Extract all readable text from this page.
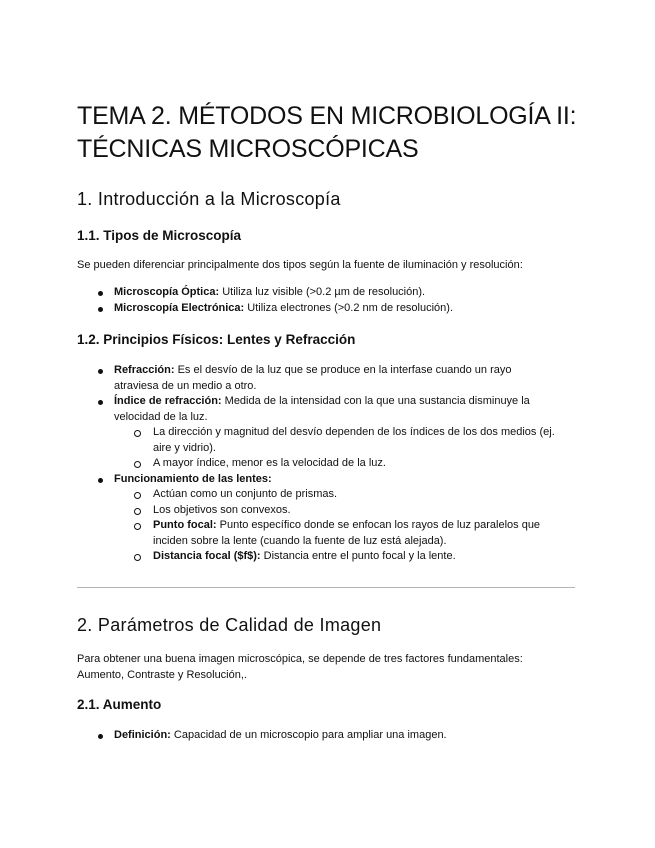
TEMA 2. MÉTODOS EN MICROBIOLOGÍA II: TÉCNICAS MICROSCÓPICAS
1. Introducción a la Microscopía
1.1. Tipos de Microscopía

Se pueden diferenciar principalmente dos tipos según la fuente de iluminación y resolución:

Microscopía Óptica: Utiliza luz visible (>0.2 µm de resolución).
Microscopía Electrónica: Utiliza electrones (>0.2 nm de resolución).
1.2. Principios Físicos: Lentes y Refracción
Refracción: Es el desvío de la luz que se produce en la interfase cuando un rayo atraviesa de un medio a otro.
Índice de refracción: Medida de la intensidad con la que una sustancia disminuye la velocidad de la luz.
La dirección y magnitud del desvío dependen de los índices de los dos medios (ej. aire y vidrio).
A mayor índice, menor es la velocidad de la luz.
Funcionamiento de las lentes:
Actúan como un conjunto de prismas.
Los objetivos son convexos.
Punto focal: Punto específico donde se enfocan los rayos de luz paralelos que inciden sobre la lente (cuando la fuente de luz está alejada).
Distancia focal ($f$): Distancia entre el punto focal y la lente.
2. Parámetros de Calidad de Imagen

Para obtener una buena imagen microscópica, se depende de tres factores fundamentales: Aumento, Contraste y Resolución,.

2.1. Aumento
Definición: Capacidad de un microscopio para ampliar una imagen.
